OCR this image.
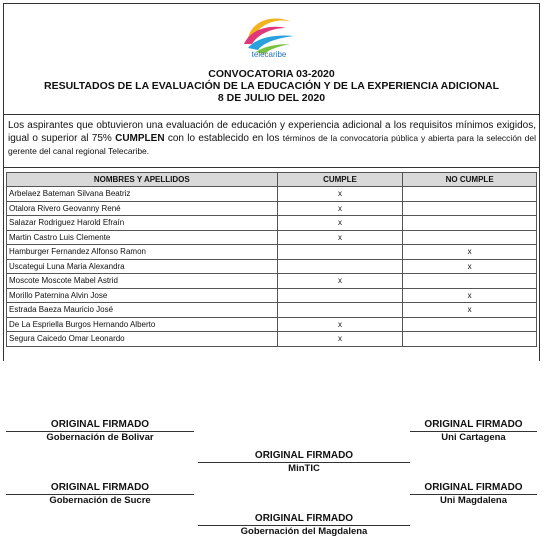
telecaribe
CONVOCATORIA 03-2020
RESULTADOS DE LA EVALUACIÓN DE LA EDUCACIÓN Y DE LA EXPERIENCIA ADICIONAL
8 DE JULIO DEL 2020
Los aspirantes que obtuvieron una evaluación de educación y experiencia adicional a los requisitos mínimos exigidos, igual o superior al 75% CUMPLEN con lo establecido en los términos de la convocatoria pública y abierta para la selección del gerente del canal regional Telecaribe.
NOMBRES Y APELLIDOS	CUMPLE	NO CUMPLE
Arbelaez Bateman Silvana Beatriz	x	
Otalora Rivero Geovanny René	x	
Salazar Rodriguez Harold Efraín	x	
Martin Castro Luis Clemente	x	
Hamburger Fernandez Alfonso Ramon		x
Uscategui Luna Maria Alexandra		x
Moscote Moscote Mabel Astrid	x	
Morillo Paternina Alvin Jose		x
Estrada Baeza Mauricio José		x
De La Espriella Burgos Hernando Alberto	x	
Segura Caicedo Omar Leonardo	x	
ORIGINAL FIRMADO
Gobernación de Bolivar
ORIGINAL FIRMADO
Uni Cartagena
ORIGINAL FIRMADO
MinTIC
ORIGINAL FIRMADO
Gobernación de Sucre
ORIGINAL FIRMADO
Uni Magdalena
ORIGINAL FIRMADO
Gobernación del Magdalena
